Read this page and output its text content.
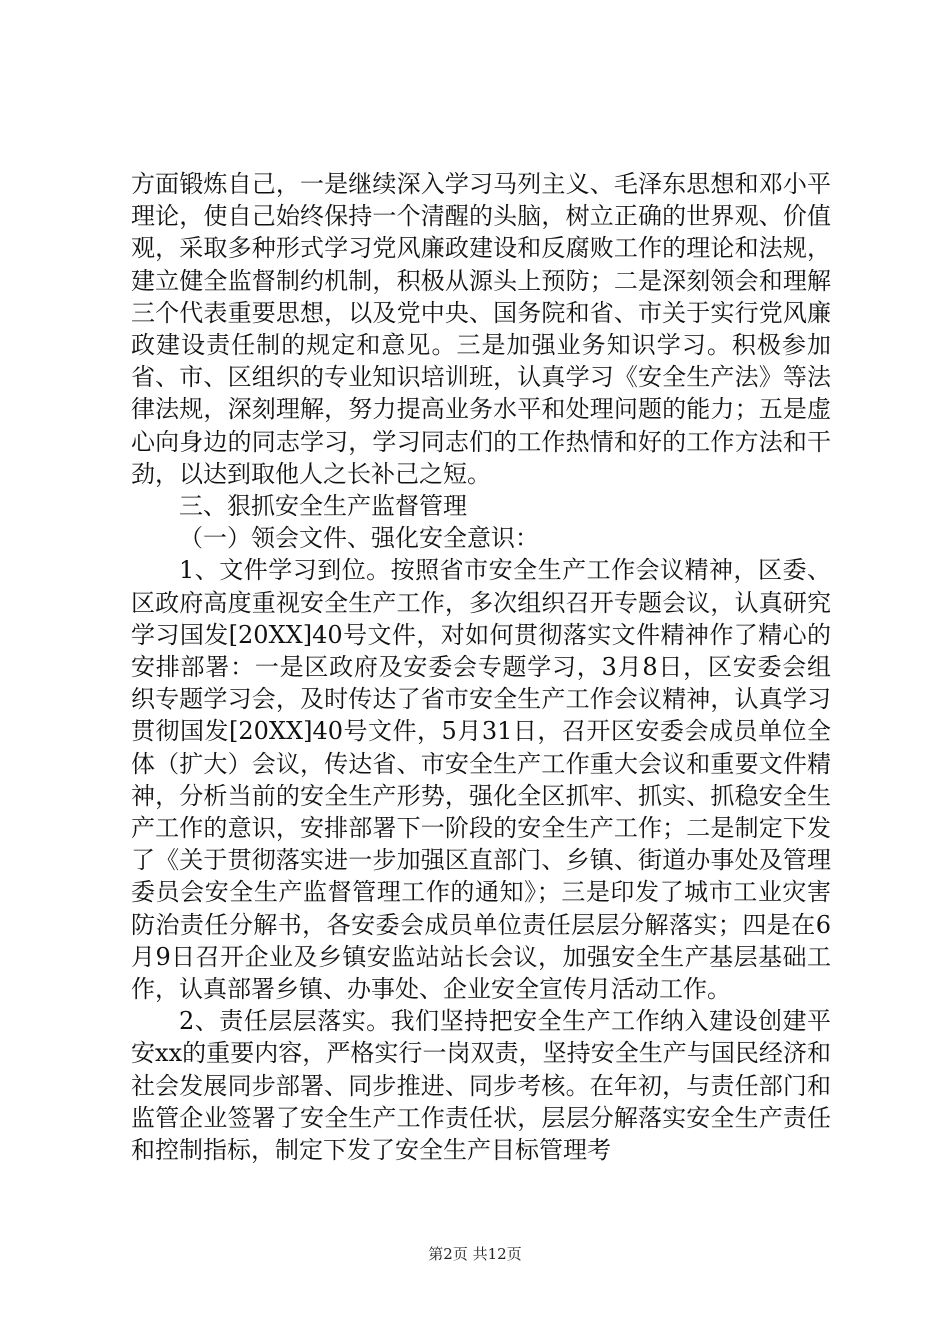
方面锻炼自己，一是继续深入学习马列主义、毛泽东思想和邓小平理论，使自己始终保持一个清醒的头脑，树立正确的世界观、价值观，采取多种形式学习党风廉政建设和反腐败工作的理论和法规，建立健全监督制约机制，积极从源头上预防；二是深刻领会和理解三个代表重要思想，以及党中央、国务院和省、市关于实行党风廉政建设责任制的规定和意见。三是加强业务知识学习。积极参加省、市、区组织的专业知识培训班，认真学习《安全生产法》等法律法规，深刻理解，努力提高业务水平和处理问题的能力；五是虚心向身边的同志学习，学习同志们的工作热情和好的工作方法和干劲，以达到取他人之长补己之短。

三、狠抓安全生产监督管理

（一）领会文件、强化安全意识：

1、文件学习到位。按照省市安全生产工作会议精神，区委、区政府高度重视安全生产工作，多次组织召开专题会议，认真研究学习国发[20XX]40号文件，对如何贯彻落实文件精神作了精心的安排部署：一是区政府及安委会专题学习，3月8日，区安委会组织专题学习会，及时传达了省市安全生产工作会议精神，认真学习贯彻国发[20XX]40号文件，5月31日，召开区安委会成员单位全体（扩大）会议，传达省、市安全生产工作重大会议和重要文件精神，分析当前的安全生产形势，强化全区抓牢、抓实、抓稳安全生产工作的意识，安排部署下一阶段的安全生产工作；二是制定下发了《关于贯彻落实进一步加强区直部门、乡镇、街道办事处及管理委员会安全生产监督管理工作的通知》；三是印发了城市工业灾害防治责任分解书，各安委会成员单位责任层层分解落实；四是在6月9日召开企业及乡镇安监站站长会议，加强安全生产基层基础工作，认真部署乡镇、办事处、企业安全宣传月活动工作。

2、责任层层落实。我们坚持把安全生产工作纳入建设创建平安xx的重要内容，严格实行一岗双责，坚持安全生产与国民经济和社会发展同步部署、同步推进、同步考核。在年初，与责任部门和监管企业签署了安全生产工作责任状，层层分解落实安全生产责任和控制指标，制定下发了安全生产目标管理考

第2页 共12页
